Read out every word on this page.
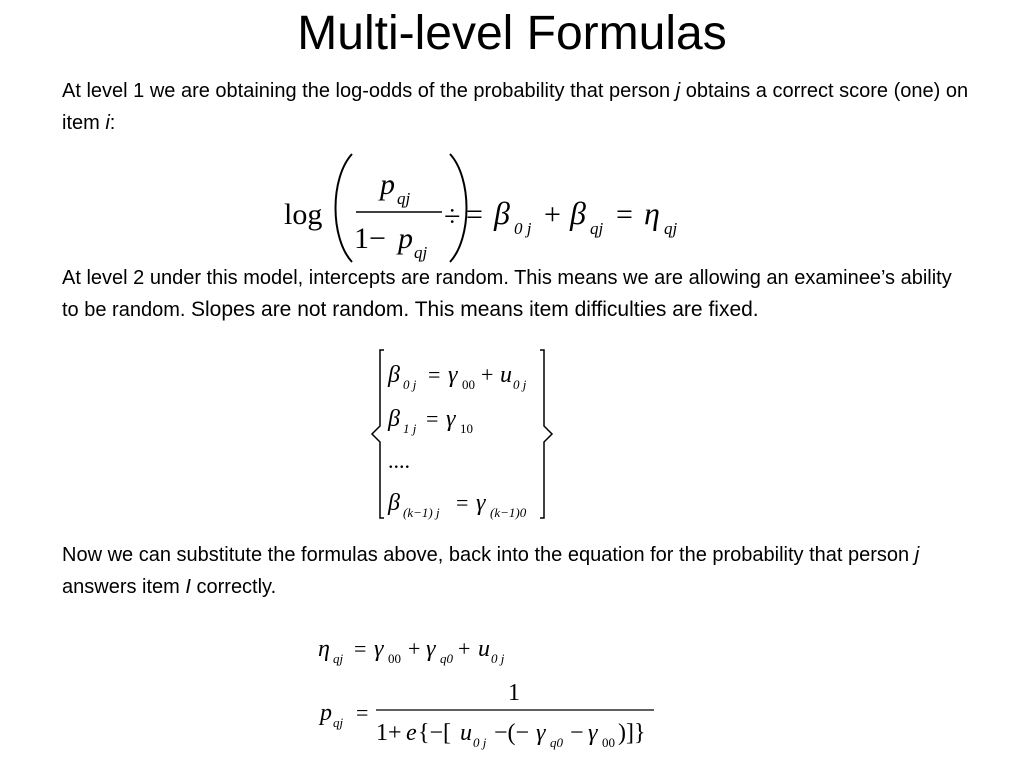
Multi-level Formulas
At level 1 we are obtaining the log-odds of the probability that person j obtains a correct score (one) on item i:
log
p qj
1− p qj
÷ = β 0 j + β qj = η qj
At level 2 under this model, intercepts are random. This means we are allowing an examinee’s ability to be random. Slopes are not random. This means item difficulties are fixed.
β 0 j = γ 00 + u 0 j
β 1 j = γ 10
....
β (k−1) j = γ (k−1)0
Now we can substitute the formulas above, back into the equation for the probability that person j answers item I correctly.
η qj = γ 00 + γ q0 + u 0 j
p qj =
1
1+ e {−[ u 0 j −(− γ q0 − γ 00 )]}
